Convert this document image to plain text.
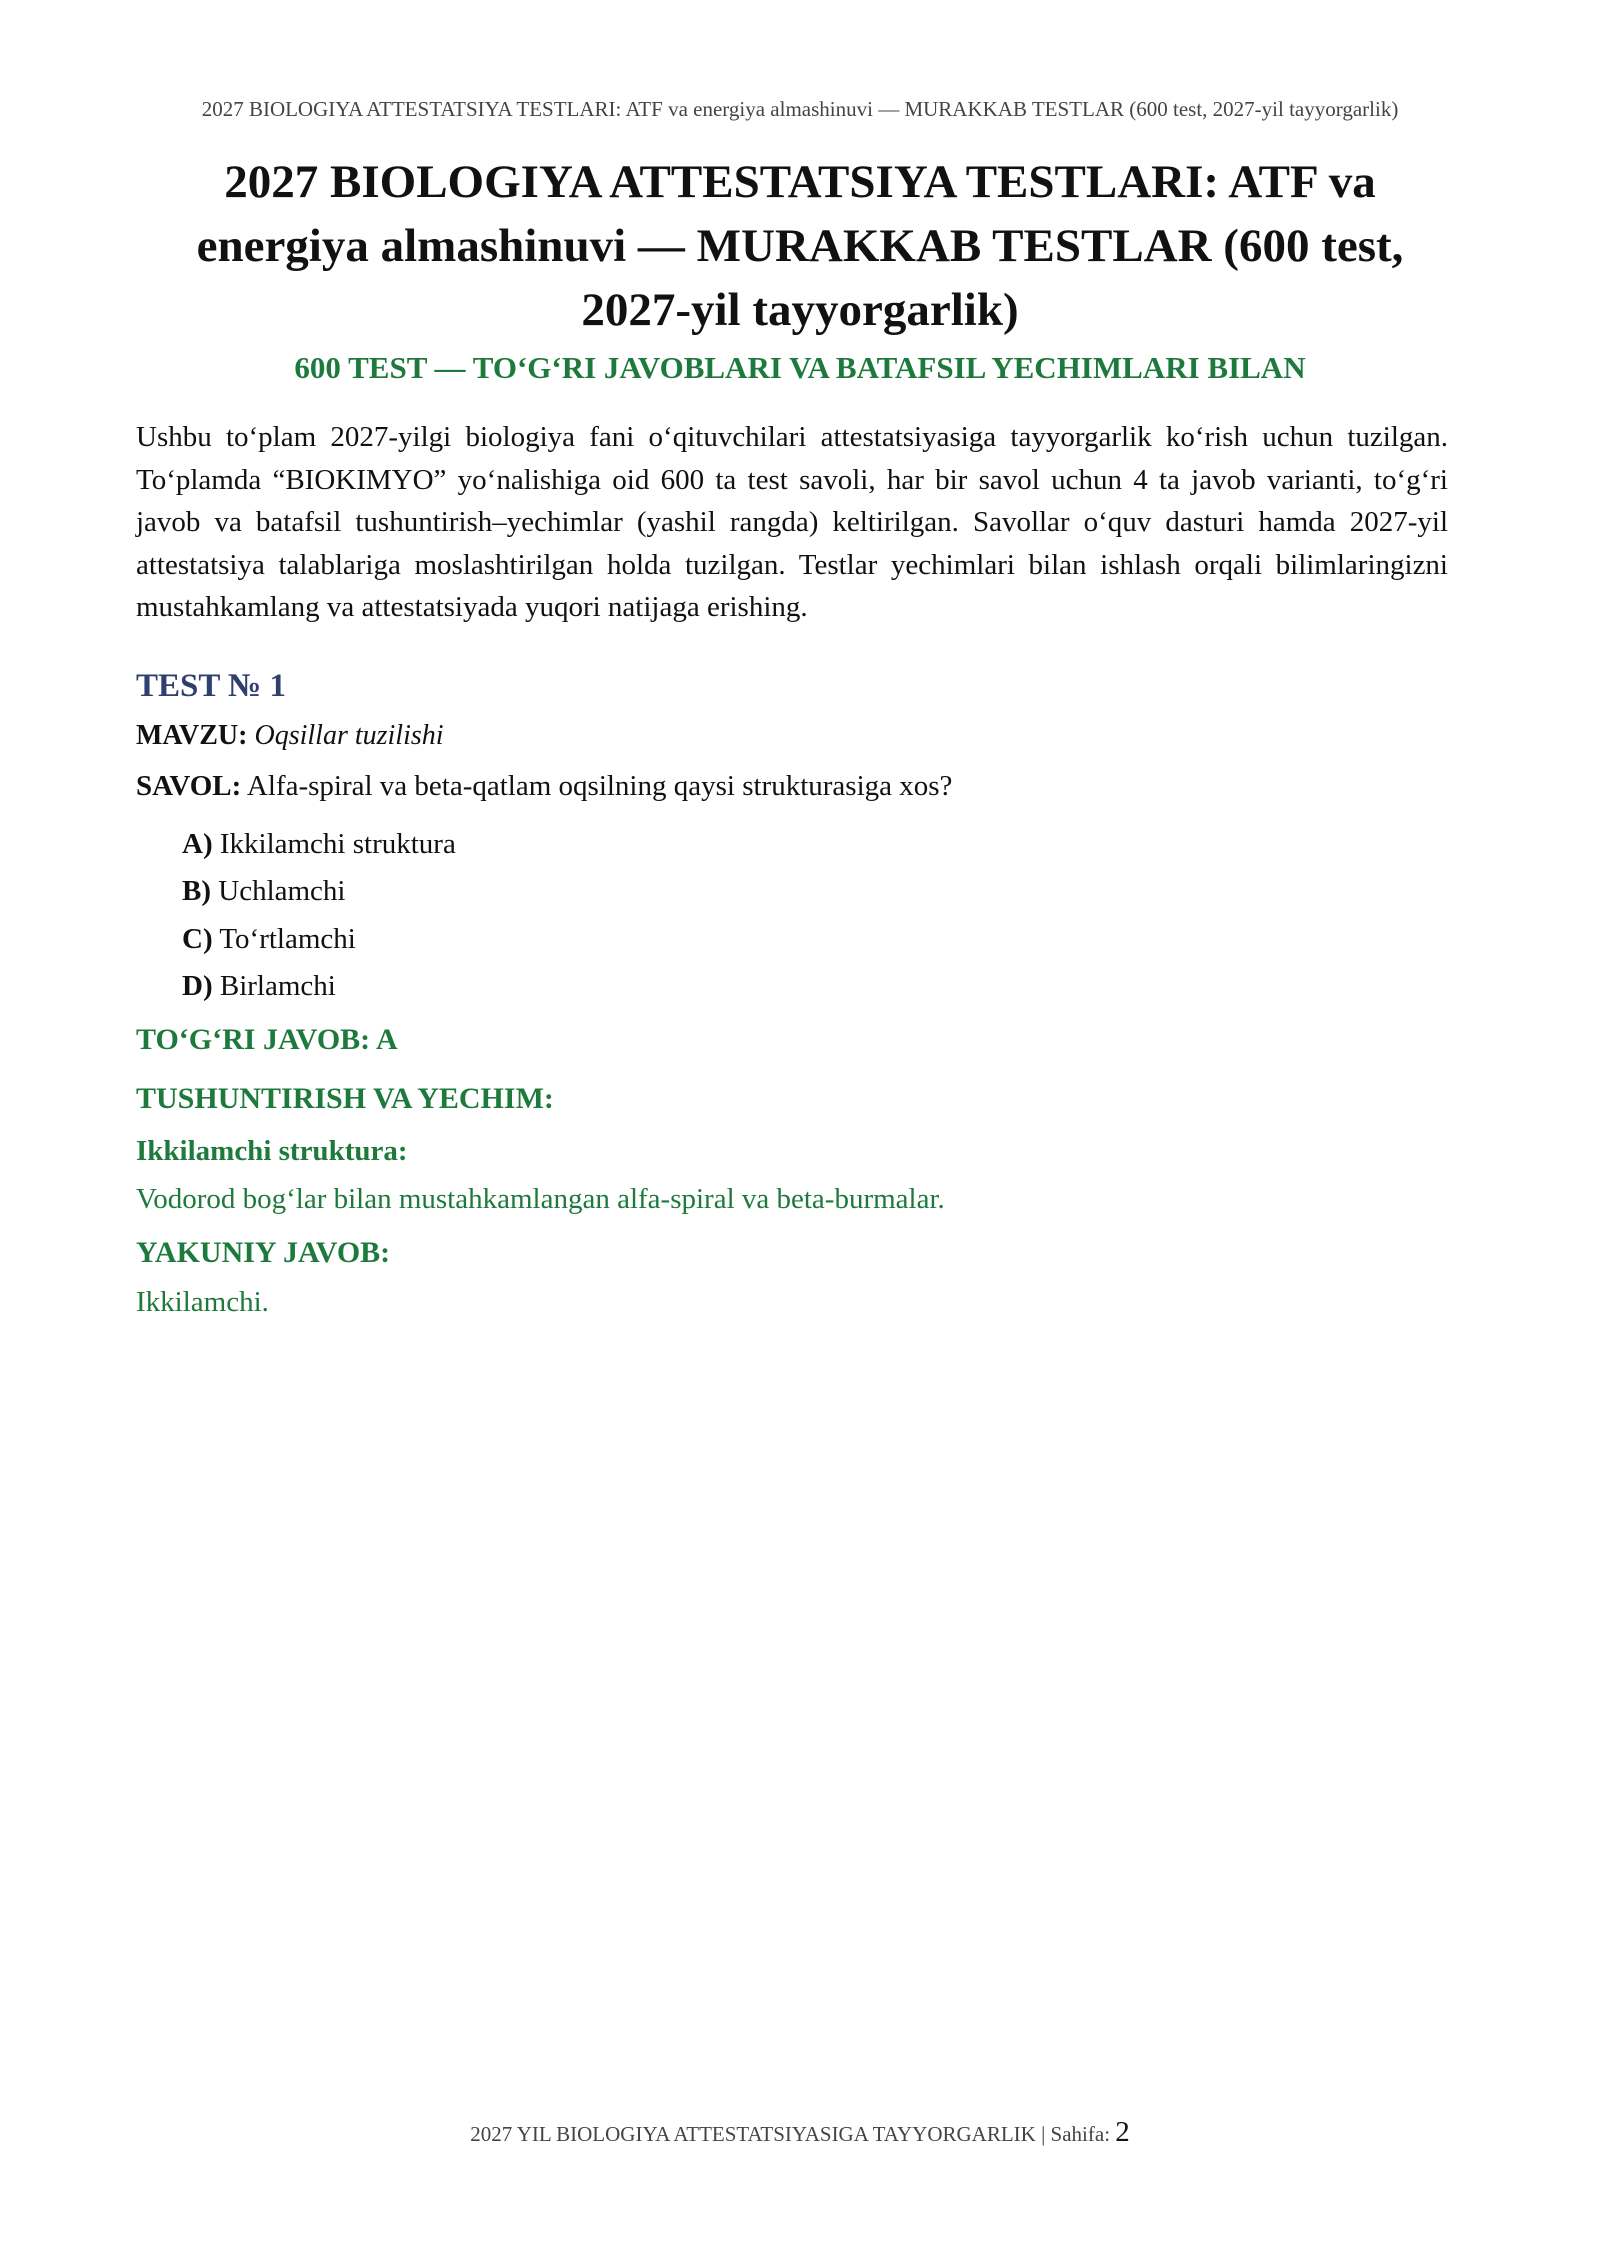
2027 BIOLOGIYA ATTESTATSIYA TESTLARI: ATF va energiya almashinuvi — MURAKKAB TESTLAR (600 test, 2027-yil tayyorgarlik)
2027 BIOLOGIYA ATTESTATSIYA TESTLARI: ATF va energiya almashinuvi — MURAKKAB TESTLAR (600 test, 2027-yil tayyorgarlik)
600 TEST — TO‘G‘RI JAVOBLARI VA BATAFSIL YECHIMLARI BILAN

Ushbu to‘plam 2027-yilgi biologiya fani o‘qituvchilari attestatsiyasiga tayyorgarlik ko‘rish uchun tuzilgan. To‘plamda “BIOKIMYO” yo‘nalishiga oid 600 ta test savoli, har bir savol uchun 4 ta javob varianti, to‘g‘ri javob va batafsil tushuntirish–yechimlar (yashil rangda) keltirilgan. Savollar o‘quv dasturi hamda 2027-yil attestatsiya talablariga moslashtirilgan holda tuzilgan. Testlar yechimlari bilan ishlash orqali bilimlaringizni mustahkamlang va attestatsiyada yuqori natijaga erishing.

TEST № 1
MAVZU: Oqsillar tuzilishi
SAVOL: Alfa-spiral va beta-qatlam oqsilning qaysi strukturasiga xos?
A) Ikkilamchi struktura
B) Uchlamchi
C) To‘rtlamchi
D) Birlamchi
TO‘G‘RI JAVOB: A
TUSHUNTIRISH VA YECHIM:
Ikkilamchi struktura:
Vodorod bog‘lar bilan mustahkamlangan alfa-spiral va beta-burmalar.
YAKUNIY JAVOB:
Ikkilamchi.
2027 YIL BIOLOGIYA ATTESTATSIYASIGA TAYYORGARLIK | Sahifa: 2
